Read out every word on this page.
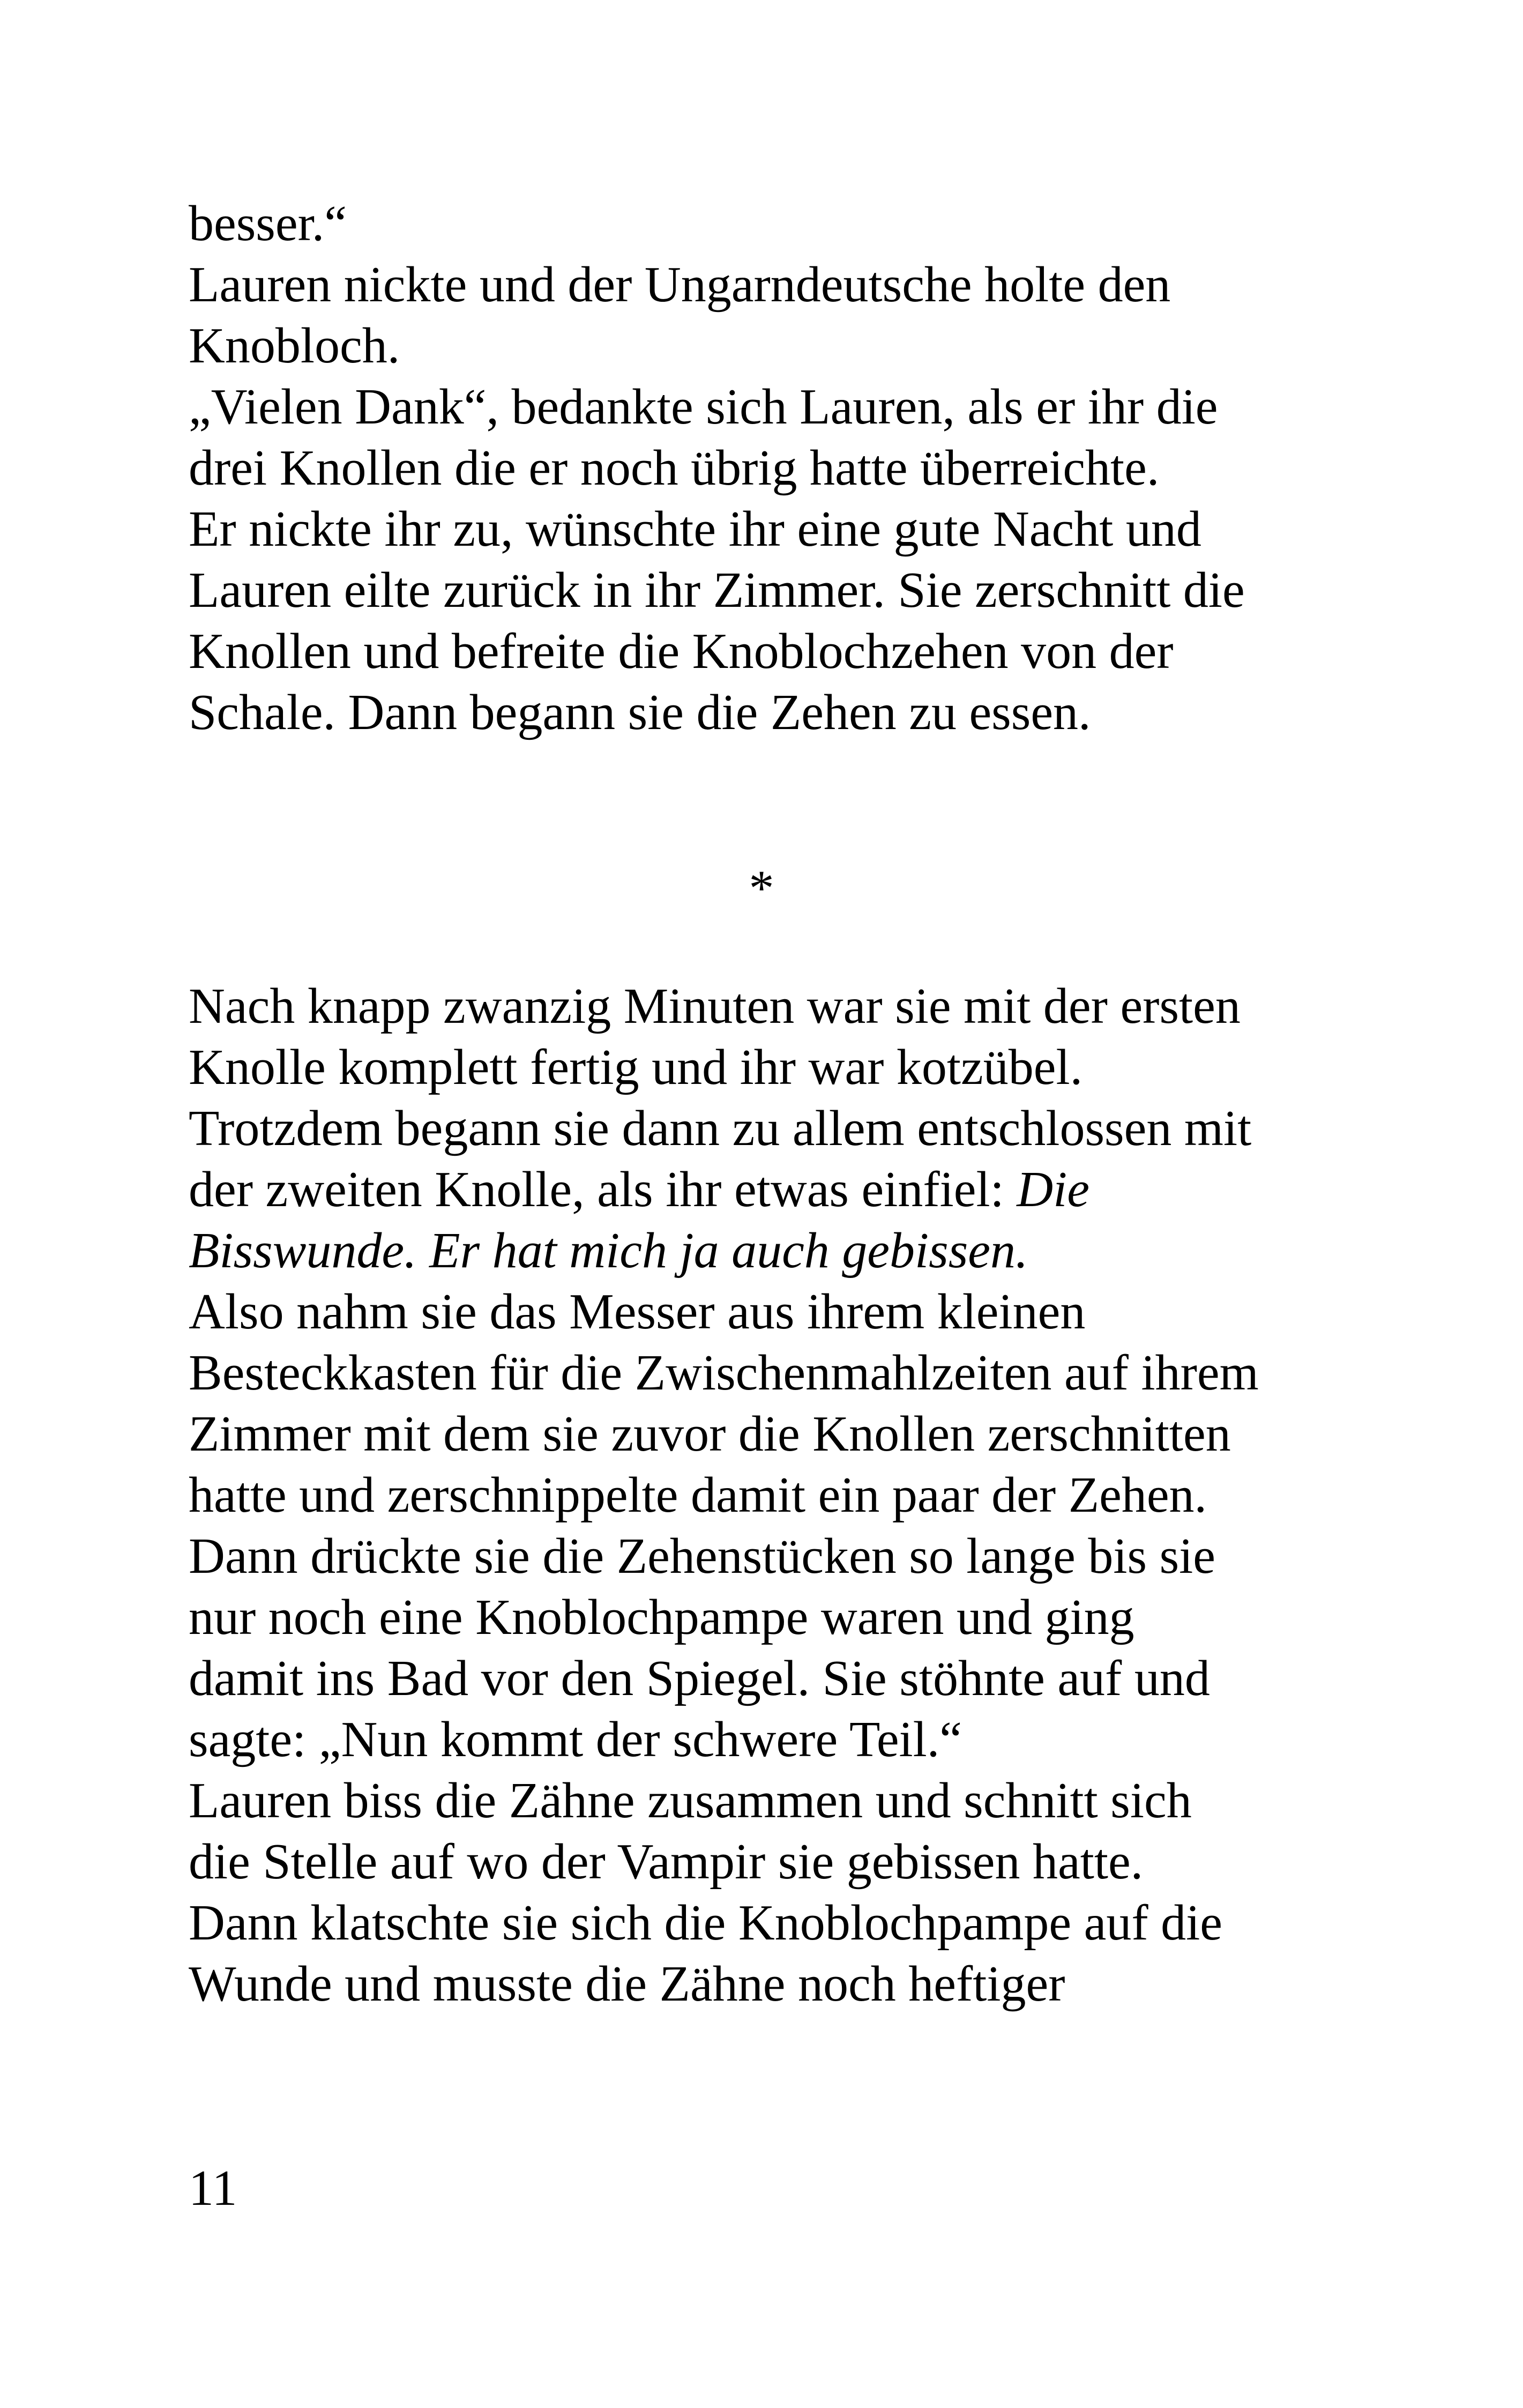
besser.“
Lauren nickte und der Ungarndeutsche holte den
Knobloch.
„Vielen Dank“, bedankte sich Lauren, als er ihr die
drei Knollen die er noch übrig hatte überreichte.
Er nickte ihr zu, wünschte ihr eine gute Nacht und
Lauren eilte zurück in ihr Zimmer. Sie zerschnitt die
Knollen und befreite die Knoblochzehen von der
Schale. Dann begann sie die Zehen zu essen.
*
Nach knapp zwanzig Minuten war sie mit der ersten
Knolle komplett fertig und ihr war kotzübel.
Trotzdem begann sie dann zu allem entschlossen mit
der zweiten Knolle, als ihr etwas einfiel: Die
Bisswunde. Er hat mich ja auch gebissen.
Also nahm sie das Messer aus ihrem kleinen
Besteckkasten für die Zwischenmahlzeiten auf ihrem
Zimmer mit dem sie zuvor die Knollen zerschnitten
hatte und zerschnippelte damit ein paar der Zehen.
Dann drückte sie die Zehenstücken so lange bis sie
nur noch eine Knoblochpampe waren und ging
damit ins Bad vor den Spiegel. Sie stöhnte auf und
sagte: „Nun kommt der schwere Teil.“
Lauren biss die Zähne zusammen und schnitt sich
die Stelle auf wo der Vampir sie gebissen hatte.
Dann klatschte sie sich die Knoblochpampe auf die
Wunde und musste die Zähne noch heftiger
11
